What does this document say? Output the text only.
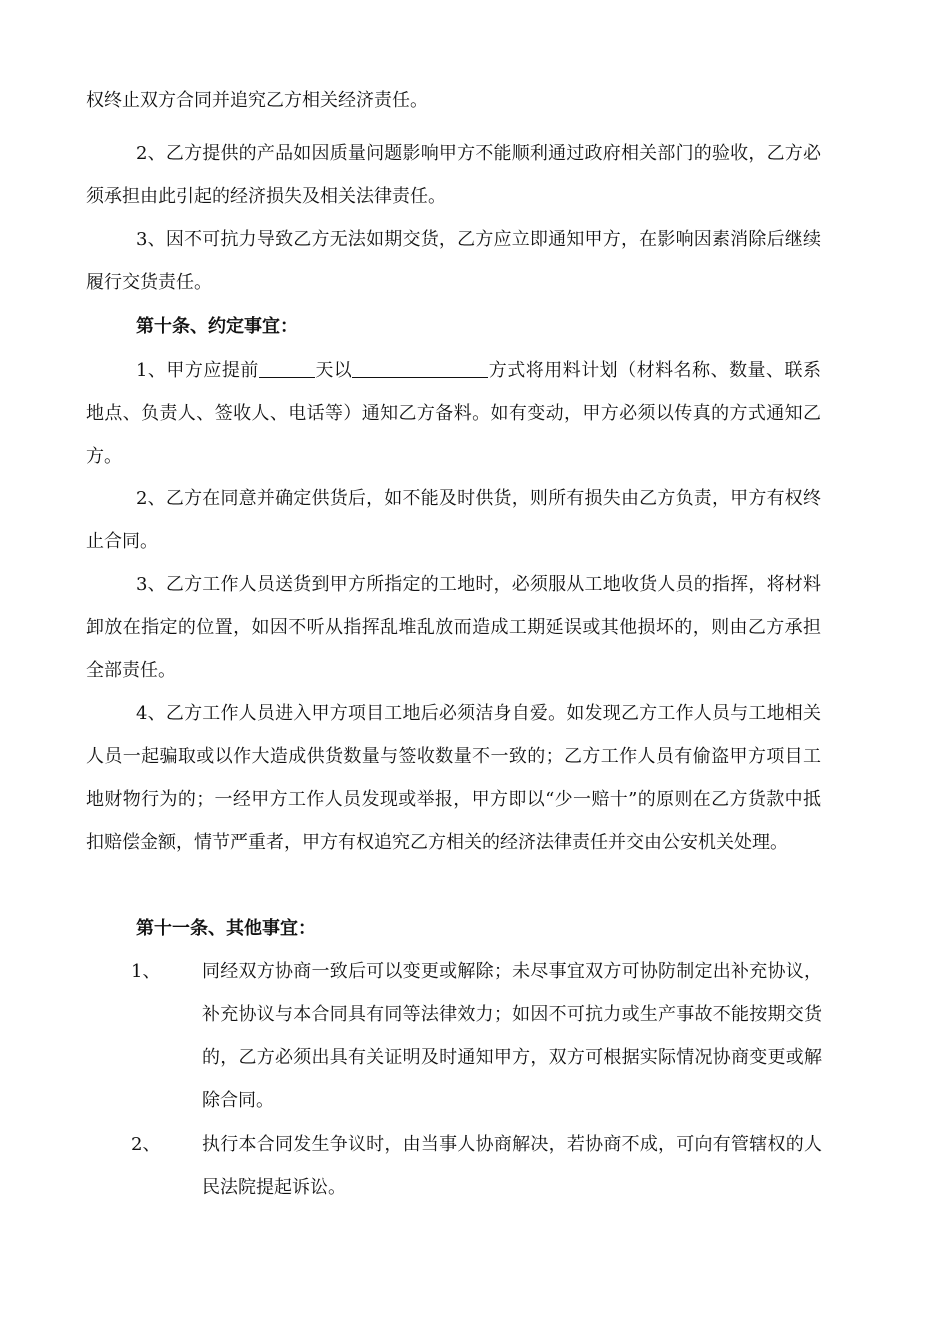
权终止双方合同并追究乙方相关经济责任。

2、乙方提供的产品如因质量问题影响甲方不能顺利通过政府相关部门的验收，乙方必须承担由此引起的经济损失及相关法律责任。

3、因不可抗力导致乙方无法如期交货，乙方应立即通知甲方，在影响因素消除后继续履行交货责任。

第十条、约定事宜：

1、甲方应提前	天以	方式将用料计划（材料名称、数量、联系地点、负责人、签收人、电话等）通知乙方备料。如有变动，甲方必须以传真的方式通知乙方。

2、乙方在同意并确定供货后，如不能及时供货，则所有损失由乙方负责，甲方有权终止合同。

3、乙方工作人员送货到甲方所指定的工地时，必须服从工地收货人员的指挥，将材料卸放在指定的位置，如因不听从指挥乱堆乱放而造成工期延误或其他损坏的，则由乙方承担全部责任。

4、乙方工作人员进入甲方项目工地后必须洁身自爱。如发现乙方工作人员与工地相关人员一起骗取或以作大造成供货数量与签收数量不一致的；乙方工作人员有偷盗甲方项目工地财物行为的；一经甲方工作人员发现或举报，甲方即以“少一赔十”的原则在乙方货款中抵扣赔偿金额，情节严重者，甲方有权追究乙方相关的经济法律责任并交由公安机关处理。

第十一条、其他事宜：

1、 同经双方协商一致后可以变更或解除；未尽事宜双方可协防制定出补充协议，补充协议与本合同具有同等法律效力；如因不可抗力或生产事故不能按期交货的，乙方必须出具有关证明及时通知甲方，双方可根据实际情况协商变更或解除合同。
2、 执行本合同发生争议时，由当事人协商解决，若协商不成，可向有管辖权的人民法院提起诉讼。
